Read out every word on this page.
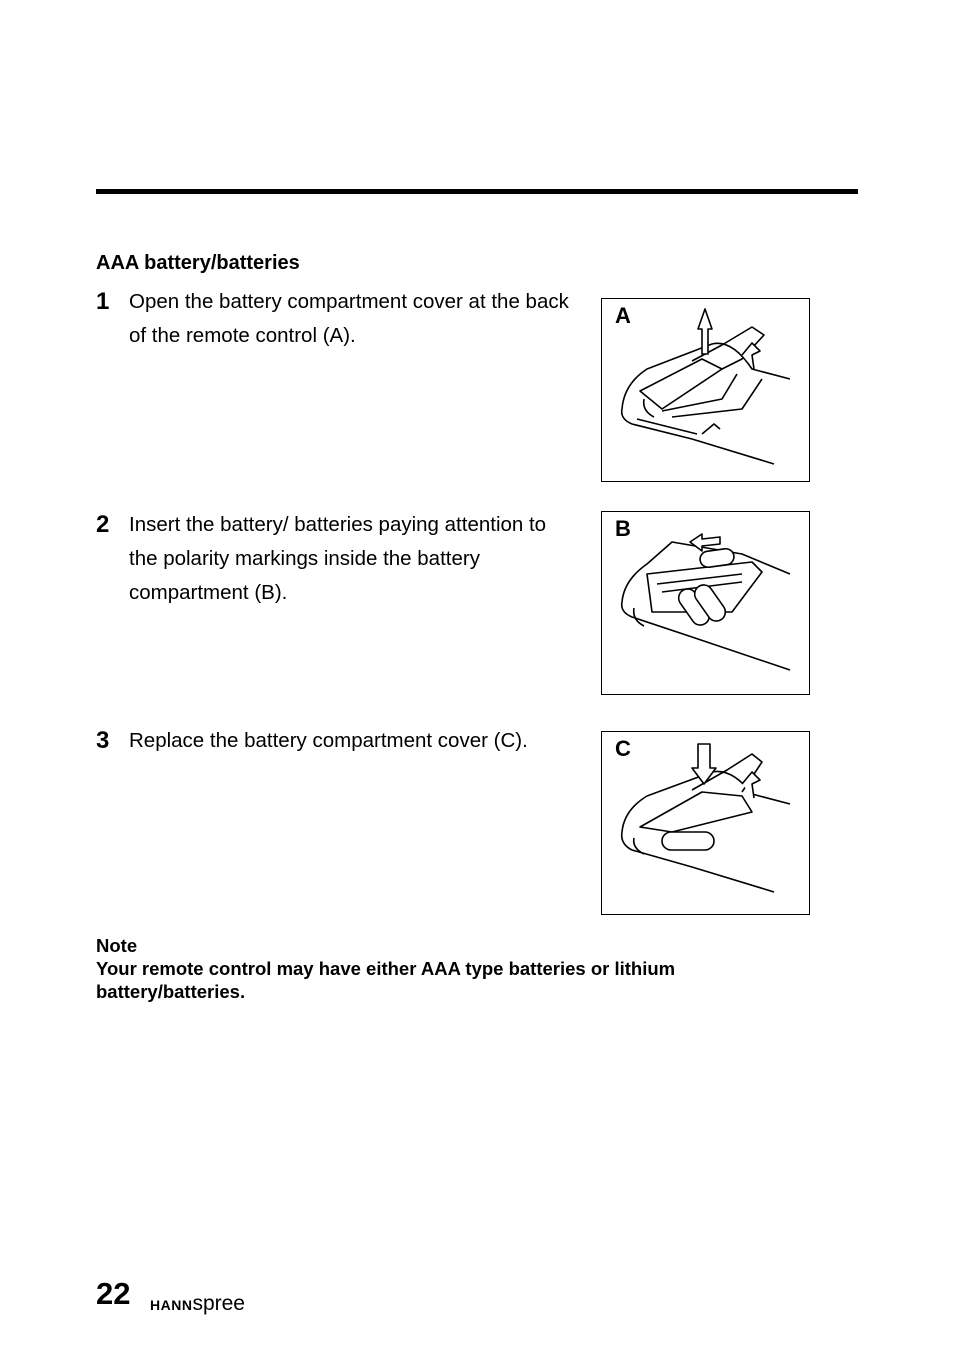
AAA battery/batteries
1 Open the battery compartment cover at the back of the remote control (A).
A
2 Insert the battery/ batteries paying attention to the polarity markings inside the battery compartment (B).
B
3 Replace the battery compartment cover (C).	C
Note
Your remote control may have either AAA type batteries or lithium battery/batteries.
22 HANNspree
